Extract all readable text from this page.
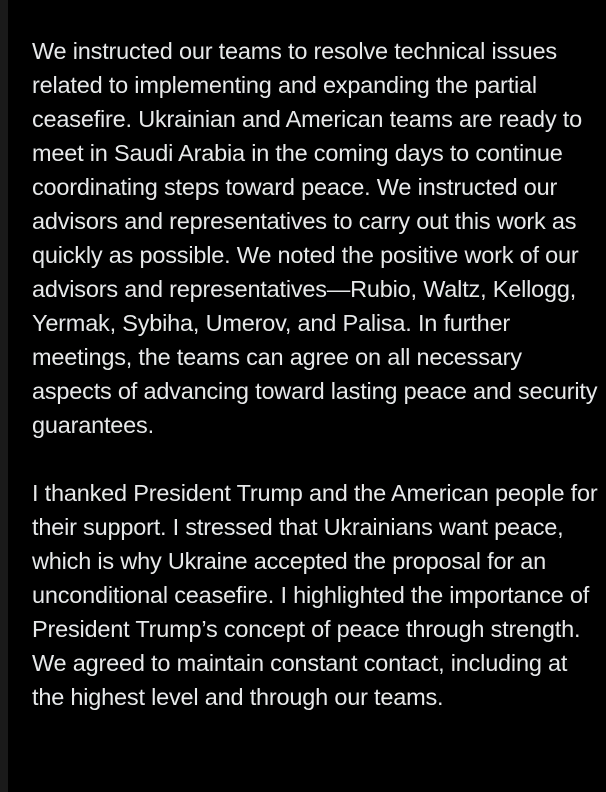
We instructed our teams to resolve technical issues related to implementing and expanding the partial ceasefire. Ukrainian and American teams are ready to meet in Saudi Arabia in the coming days to continue coordinating steps toward peace. We instructed our advisors and representatives to carry out this work as quickly as possible. We noted the positive work of our advisors and representatives—Rubio, Waltz, Kellogg, Yermak, Sybiha, Umerov, and Palisa. In further meetings, the teams can agree on all necessary aspects of advancing toward lasting peace and security guarantees.

I thanked President Trump and the American people for their support. I stressed that Ukrainians want peace, which is why Ukraine accepted the proposal for an unconditional ceasefire. I highlighted the importance of President Trump’s concept of peace through strength. We agreed to maintain constant contact, including at the highest level and through our teams.
